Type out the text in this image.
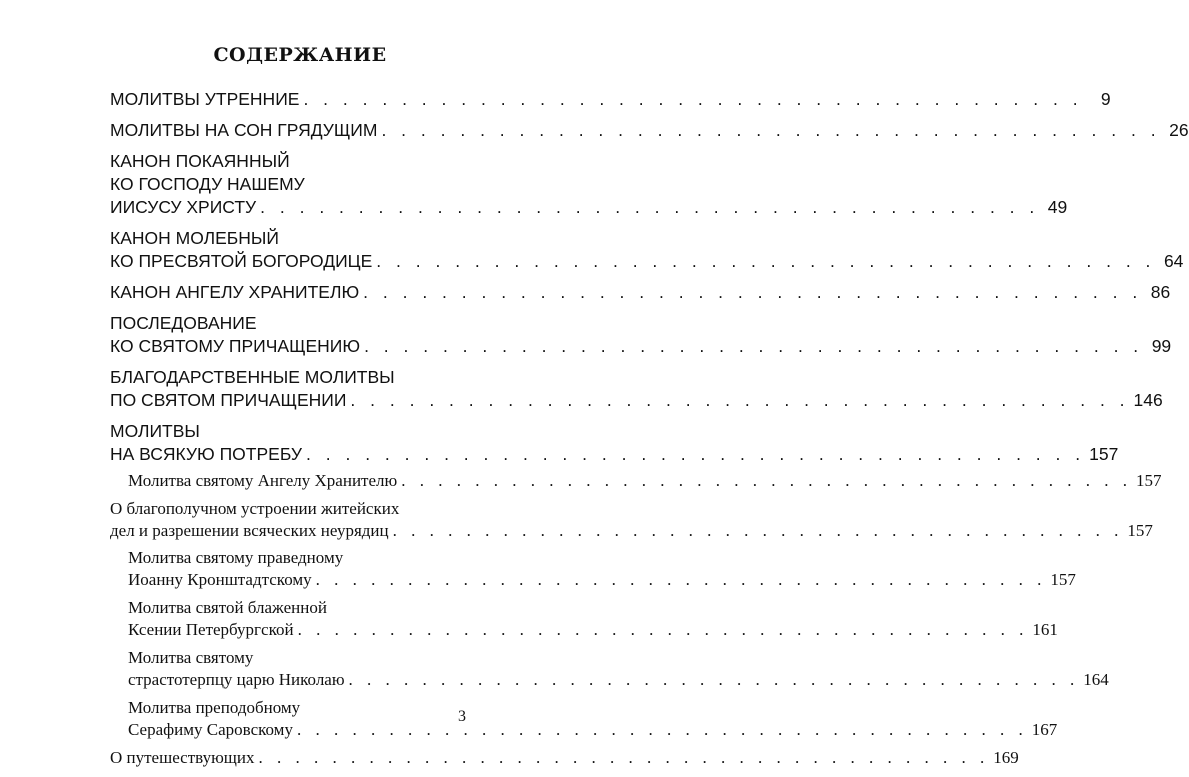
СОДЕРЖАНИЕ
МОЛИТВЫ УТРЕННИЕ . . .	9
МОЛИТВЫ НА СОН ГРЯДУЩИМ . . .	26
КАНОН ПОКАЯННЫЙ
КО ГОСПОДУ НАШЕМУ
ИИСУСУ ХРИСТУ . . .	49
КАНОН МОЛЕБНЫЙ
КО ПРЕСВЯТОЙ БОГОРОДИЦЕ . . .	64
КАНОН АНГЕЛУ ХРАНИТЕЛЮ . . .	86
ПОСЛЕДОВАНИЕ
КО СВЯТОМУ ПРИЧАЩЕНИЮ . . .	99
БЛАГОДАРСТВЕННЫЕ МОЛИТВЫ
ПО СВЯТОМ ПРИЧАЩЕНИИ . . .	146
МОЛИТВЫ
НА ВСЯКУЮ ПОТРЕБУ . . .	157
Молитва святому Ангелу Хранителю . . .	157
О благополучном устроении житейских
дел и разрешении всяческих неурядиц . . .	157
Молитва святому праведному
Иоанну Кронштадтскому . . .	157
Молитва святой блаженной
Ксении Петербургской . . .	161
Молитва святому
страстотерпцу царю Николаю . . .	164
Молитва преподобному
Серафиму Саровскому . . .	167
О путешествующих . . .	169
3
